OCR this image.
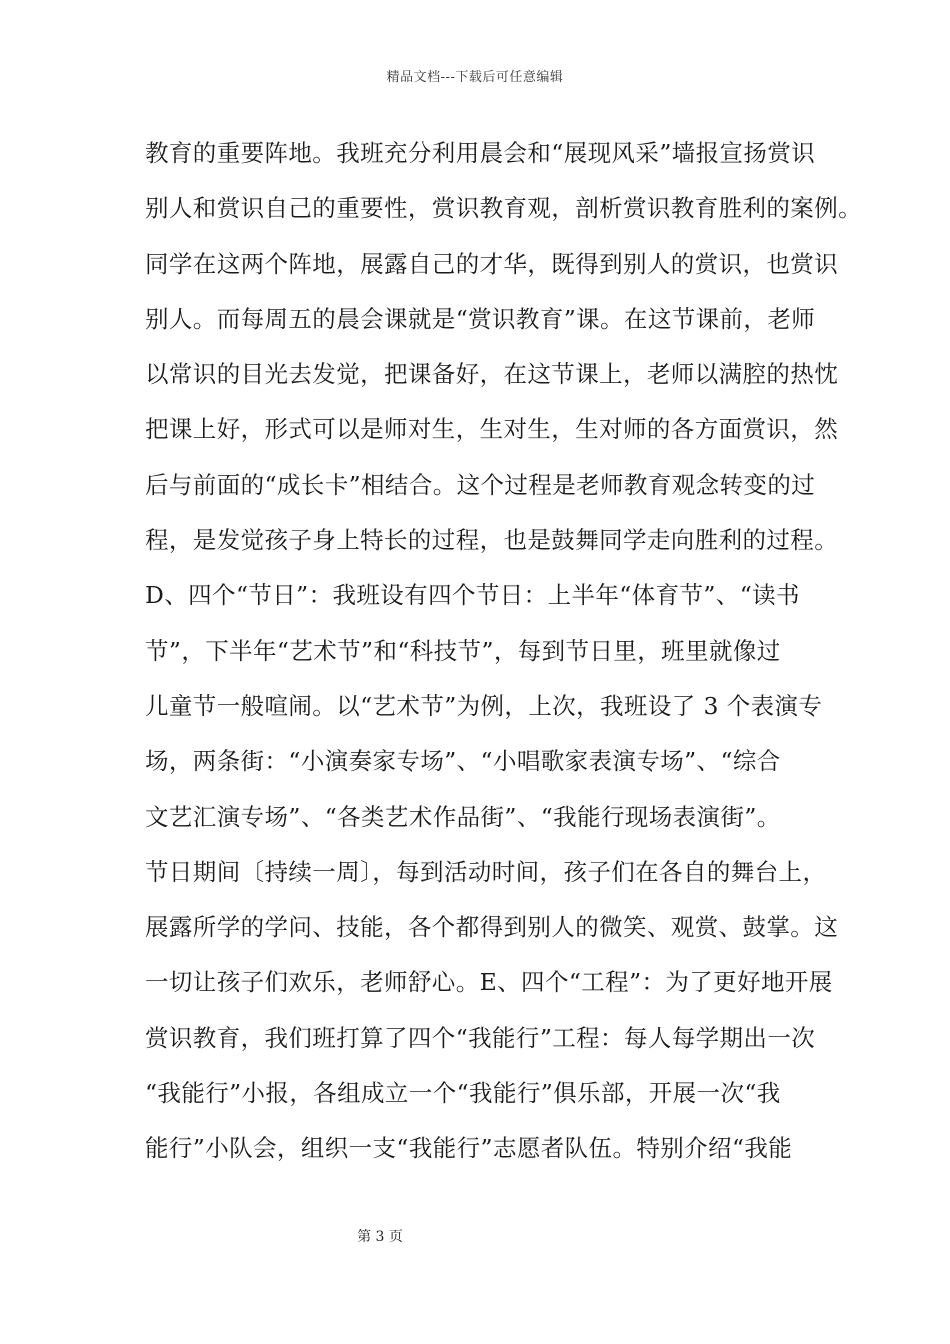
精品文档---下载后可任意编辑
教育的重要阵地。我班充分利用晨会和“展现风采”墙报宣扬赏识
别人和赏识自己的重要性，赏识教育观，剖析赏识教育胜利的案例。
同学在这两个阵地，展露自己的才华，既得到别人的赏识，也赏识
别人。而每周五的晨会课就是“赏识教育”课。在这节课前，老师
以常识的目光去发觉，把课备好，在这节课上，老师以满腔的热忱
把课上好，形式可以是师对生，生对生，生对师的各方面赏识，然
后与前面的“成长卡”相结合。这个过程是老师教育观念转变的过
程，是发觉孩子身上特长的过程，也是鼓舞同学走向胜利的过程。
D、四个“节日”：我班设有四个节日：上半年“体育节”、“读书
节”，下半年“艺术节”和“科技节”，每到节日里，班里就像过
儿童节一般喧闹。以“艺术节”为例，上次，我班设了 3 个表演专
场，两条街：“小演奏家专场”、“小唱歌家表演专场”、“综合
文艺汇演专场”、“各类艺术作品街”、“我能行现场表演街”。
节日期间〔持续一周〕，每到活动时间，孩子们在各自的舞台上，
展露所学的学问、技能，各个都得到别人的微笑、观赏、鼓掌。这
一切让孩子们欢乐，老师舒心。E、四个“工程”：为了更好地开展
赏识教育，我们班打算了四个“我能行”工程：每人每学期出一次
“我能行”小报，各组成立一个“我能行”俱乐部，开展一次“我
能行”小队会，组织一支“我能行”志愿者队伍。特别介绍“我能
第 3 页
